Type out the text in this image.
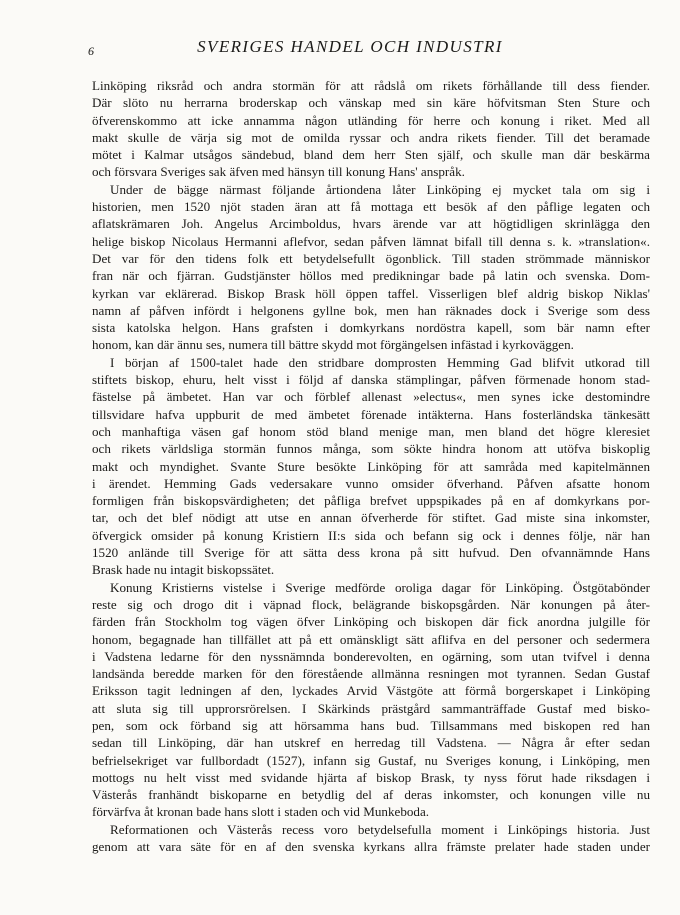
6	SVERIGES HANDEL OCH INDUSTRI
Linköping riksråd och andra stormän för att rådslå om rikets förhållande till dess fiender.
Där slöto nu herrarna broderskap och vänskap med sin käre höfvitsman Sten Sture och
öfverenskommo att icke annamma någon utländing för herre och konung i riket. Med all
makt skulle de värja sig mot de omilda ryssar och andra rikets fiender. Till det beramade
mötet i Kalmar utsågos sändebud, bland dem herr Sten själf, och skulle man där beskärma
och försvara Sveriges sak äfven med hänsyn till konung Hans' anspråk.
Under de bägge närmast följande årtiondena låter Linköping ej mycket tala om sig i
historien, men 1520 njöt staden äran att få mottaga ett besök af den påflige legaten och
aflatskrämaren Joh. Angelus Arcimboldus, hvars ärende var att högtidligen skrinlägga den
helige biskop Nicolaus Hermanni aflefvor, sedan påfven lämnat bifall till denna s. k. »translation«.
Det var för den tidens folk ett betydelsefullt ögonblick. Till staden strömmade människor
fran när och fjärran. Gudstjänster höllos med predikningar bade på latin och svenska. Dom-
kyrkan var eklärerad. Biskop Brask höll öppen taffel. Visserligen blef aldrig biskop Niklas'
namn af påfven infördt i helgonens gyllne bok, men han räknades dock i Sverige som dess
sista katolska helgon. Hans grafsten i domkyrkans nordöstra kapell, som bär namn efter
honom, kan där ännu ses, numera till bättre skydd mot förgängelsen infästad i kyrkoväggen.
I början af 1500-talet hade den stridbare domprosten Hemming Gad blifvit utkorad till
stiftets biskop, ehuru, helt visst i följd af danska stämplingar, påfven förmenade honom stad-
fästelse på ämbetet. Han var och förblef allenast »electus«, men synes icke destomindre
tillsvidare hafva uppburit de med ämbetet förenade intäkterna. Hans fosterländska tänkesätt
och manhaftiga väsen gaf honom stöd bland menige man, men bland det högre kleresiet
och rikets världsliga stormän funnos många, som sökte hindra honom att utöfva biskoplig
makt och myndighet. Svante Sture besökte Linköping för att samråda med kapitelmännen
i ärendet. Hemming Gads vedersakare vunno omsider öfverhand. Påfven afsatte honom
formligen från biskopsvärdigheten; det påfliga brefvet uppspikades på en af domkyrkans por-
tar, och det blef nödigt att utse en annan öfverherde för stiftet. Gad miste sina inkomster,
öfvergick omsider på konung Kristiern II:s sida och befann sig ock i dennes följe, när han
1520 anlände till Sverige för att sätta dess krona på sitt hufvud. Den ofvannämnde Hans
Brask hade nu intagit biskopssätet.
Konung Kristierns vistelse i Sverige medförde oroliga dagar för Linköping. Östgötabönder
reste sig och drogo dit i väpnad flock, belägrande biskopsgården. När konungen på åter-
färden från Stockholm tog vägen öfver Linköping och biskopen där fick anordna julgille för
honom, begagnade han tillfället att på ett omänskligt sätt aflifva en del personer och sedermera
i Vadstena ledarne för den nyssnämnda bonderevolten, en ogärning, som utan tvifvel i denna
landsända beredde marken för den förestående allmänna resningen mot tyrannen. Sedan Gustaf
Eriksson tagit ledningen af den, lyckades Arvid Västgöte att förmå borgerskapet i Linköping
att sluta sig till upprorsrörelsen. I Skärkinds prästgård sammanträffade Gustaf med bisko-
pen, som ock förband sig att hörsamma hans bud. Tillsammans med biskopen red han
sedan till Linköping, där han utskref en herredag till Vadstena. — Några år efter sedan
befrielsekriget var fullbordadt (1527), infann sig Gustaf, nu Sveriges konung, i Linköping, men
mottogs nu helt visst med svidande hjärta af biskop Brask, ty nyss förut hade riksdagen i
Västerås franhändt biskoparne en betydlig del af deras inkomster, och konungen ville nu
förvärfva åt kronan bade hans slott i staden och vid Munkeboda.
Reformationen och Västerås recess voro betydelsefulla moment i Linköpings historia. Just
genom att vara säte för en af den svenska kyrkans allra främste prelater hade staden under
